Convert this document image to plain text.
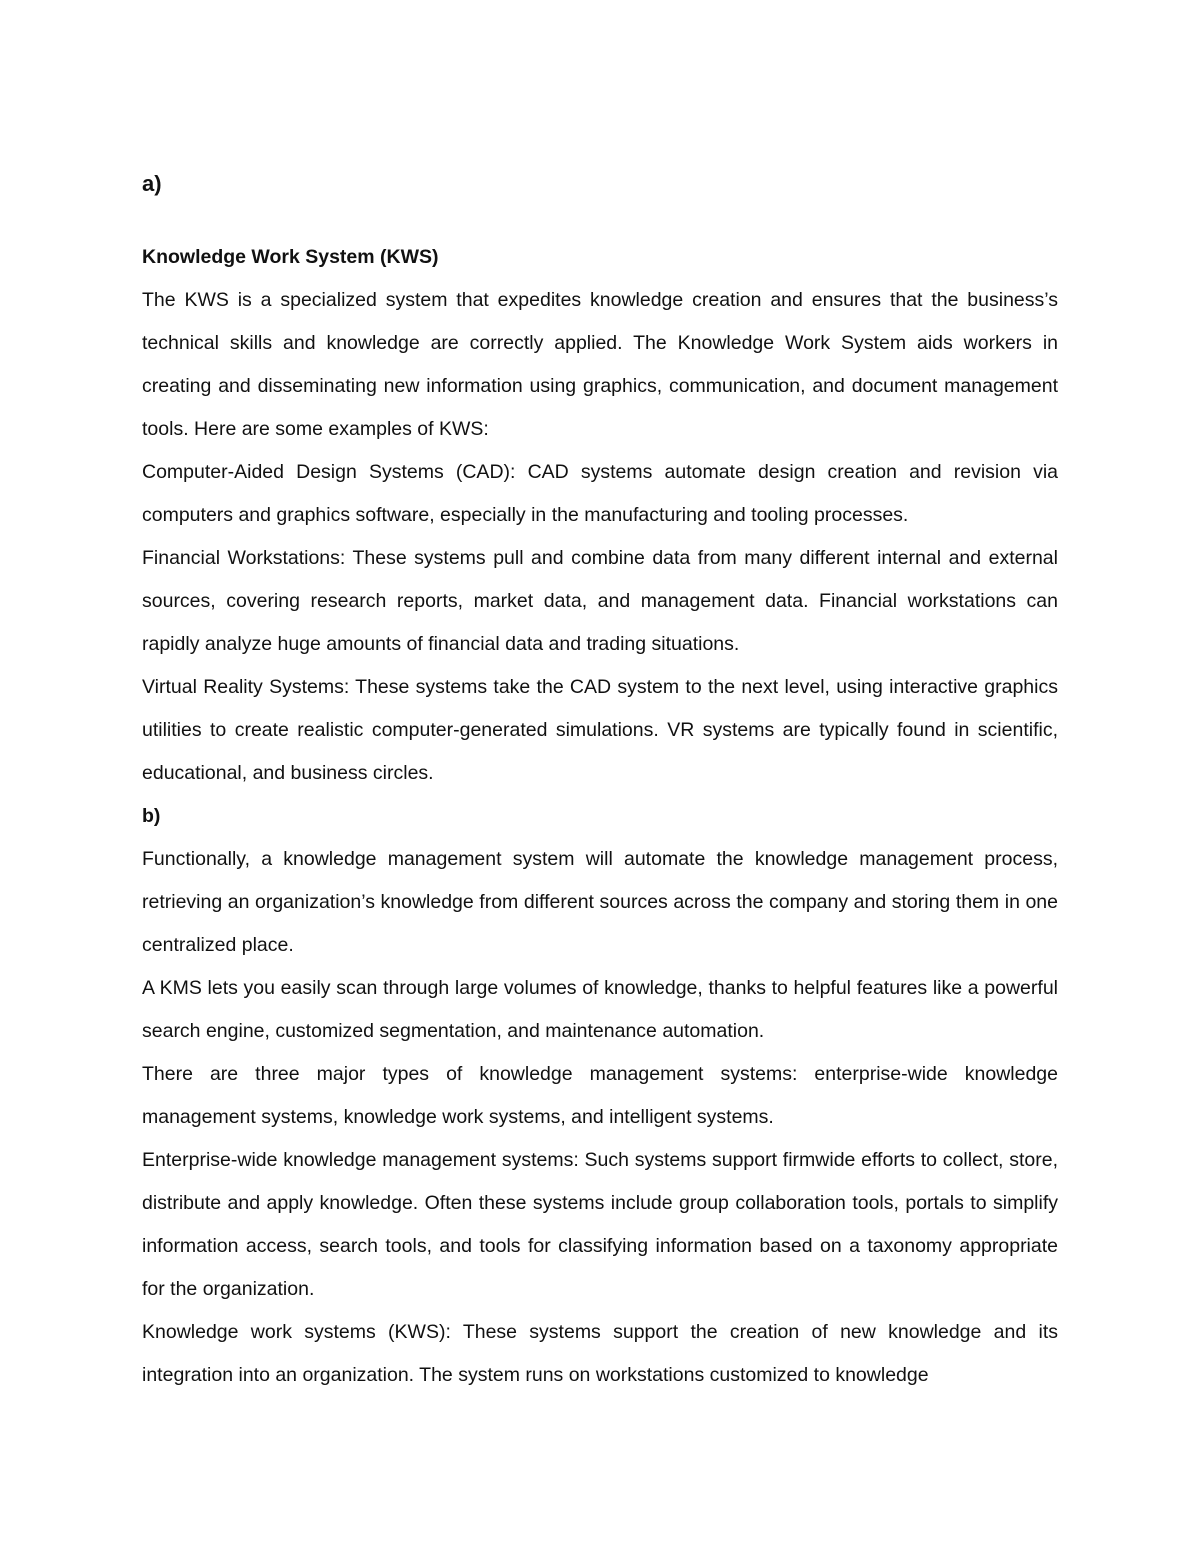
a)

Knowledge Work System (KWS)

The KWS is a specialized system that expedites knowledge creation and ensures that the business’s technical skills and knowledge are correctly applied. The Knowledge Work System aids workers in creating and disseminating new information using graphics, communication, and document management tools. Here are some examples of KWS:

Computer-Aided Design Systems (CAD): CAD systems automate design creation and revision via computers and graphics software, especially in the manufacturing and tooling processes.

Financial Workstations: These systems pull and combine data from many different internal and external sources, covering research reports, market data, and management data. Financial workstations can rapidly analyze huge amounts of financial data and trading situations.

Virtual Reality Systems: These systems take the CAD system to the next level, using interactive graphics utilities to create realistic computer-generated simulations. VR systems are typically found in scientific, educational, and business circles.

b)

Functionally, a knowledge management system will automate the knowledge management process, retrieving an organization’s knowledge from different sources across the company and storing them in one centralized place.

A KMS lets you easily scan through large volumes of knowledge, thanks to helpful features like a powerful search engine, customized segmentation, and maintenance automation.

There are three major types of knowledge management systems: enterprise-wide knowledge management systems, knowledge work systems, and intelligent systems.

Enterprise-wide knowledge management systems: Such systems support firmwide efforts to collect, store, distribute and apply knowledge. Often these systems include group collaboration tools, portals to simplify information access, search tools, and tools for classifying information based on a taxonomy appropriate for the organization.

Knowledge work systems (KWS): These systems support the creation of new knowledge and its integration into an organization. The system runs on workstations customized to knowledge
